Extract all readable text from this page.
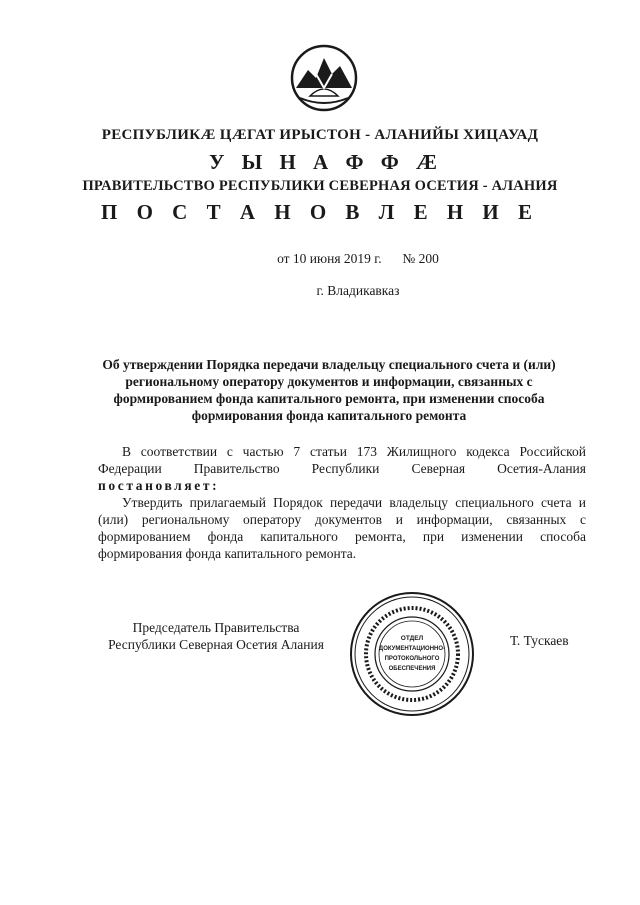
РЕСПУБЛИКÆ ЦÆГАТ ИРЫСТОН - АЛАНИЙЫ ХИЦАУАД
У Ы Н А Ф Ф Æ
ПРАВИТЕЛЬСТВО РЕСПУБЛИКИ СЕВЕРНАЯ ОСЕТИЯ - АЛАНИЯ
П О С Т А Н О В Л Е Н И Е
от 10 июня 2019 г. № 200
г. Владикавказ
Об утверждении Порядка передачи владельцу специального счета и (или) региональному оператору документов и информации, связанных с формированием фонда капитального ремонта, при изменении способа формирования фонда капитального ремонта
В соответствии с частью 7 статьи 173 Жилищного кодекса Российской Федерации Правительство Республики Северная Осетия-Алания постановляет:
Утвердить прилагаемый Порядок передачи владельцу специального счета и (или) региональному оператору документов и информации, связанных с формированием фонда капитального ремонта, при изменении способа формирования фонда капитального ремонта.
Председатель Правительства
Республики Северная Осетия Алания	ОТДЕЛ
ДОКУМЕНТАЦИОННО-
ПРОТОКОЛЬНОГО
ОБЕСПЕЧЕНИЯ
Т. Тускаев
